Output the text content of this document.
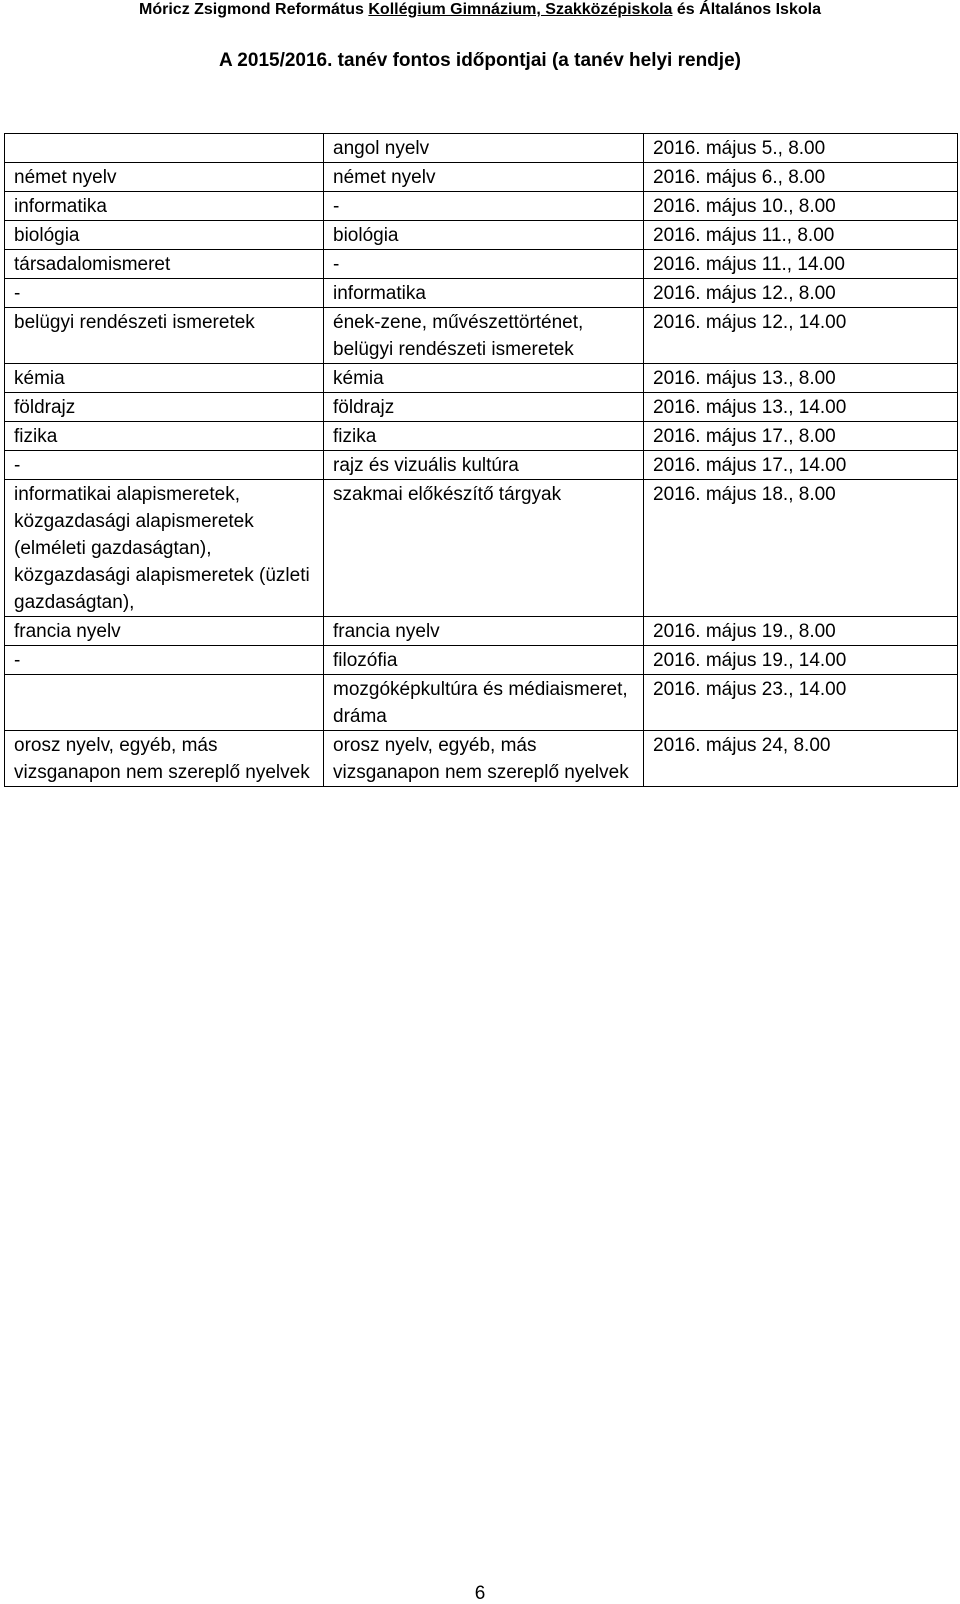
Móricz Zsigmond Református Kollégium Gimnázium, Szakközépiskola és Általános Iskola
A 2015/2016. tanév fontos időpontjai (a tanév helyi rendje)
	angol nyelv	2016. május 5., 8.00
német nyelv	német nyelv	2016. május 6., 8.00
informatika	-	2016. május 10., 8.00
biológia	biológia	2016. május 11., 8.00
társadalomismeret	-	2016. május 11., 14.00
-	informatika	2016. május 12., 8.00
belügyi rendészeti ismeretek	ének-zene, művészettörténet, belügyi rendészeti ismeretek	2016. május 12., 14.00
kémia	kémia	2016. május 13., 8.00
földrajz	földrajz	2016. május 13., 14.00
fizika	fizika	2016. május 17., 8.00
-	rajz és vizuális kultúra	2016. május 17., 14.00
informatikai alapismeretek, közgazdasági alapismeretek (elméleti gazdaságtan), közgazdasági alapismeretek (üzleti gazdaságtan),	szakmai előkészítő tárgyak	2016. május 18., 8.00
francia nyelv	francia nyelv	2016. május 19., 8.00
-	filozófia	2016. május 19., 14.00
	mozgóképkultúra és médiaismeret, dráma	2016. május 23., 14.00
orosz nyelv, egyéb, más vizsganapon nem szereplő nyelvek	orosz nyelv, egyéb, más vizsganapon nem szereplő nyelvek	2016. május 24, 8.00
6
